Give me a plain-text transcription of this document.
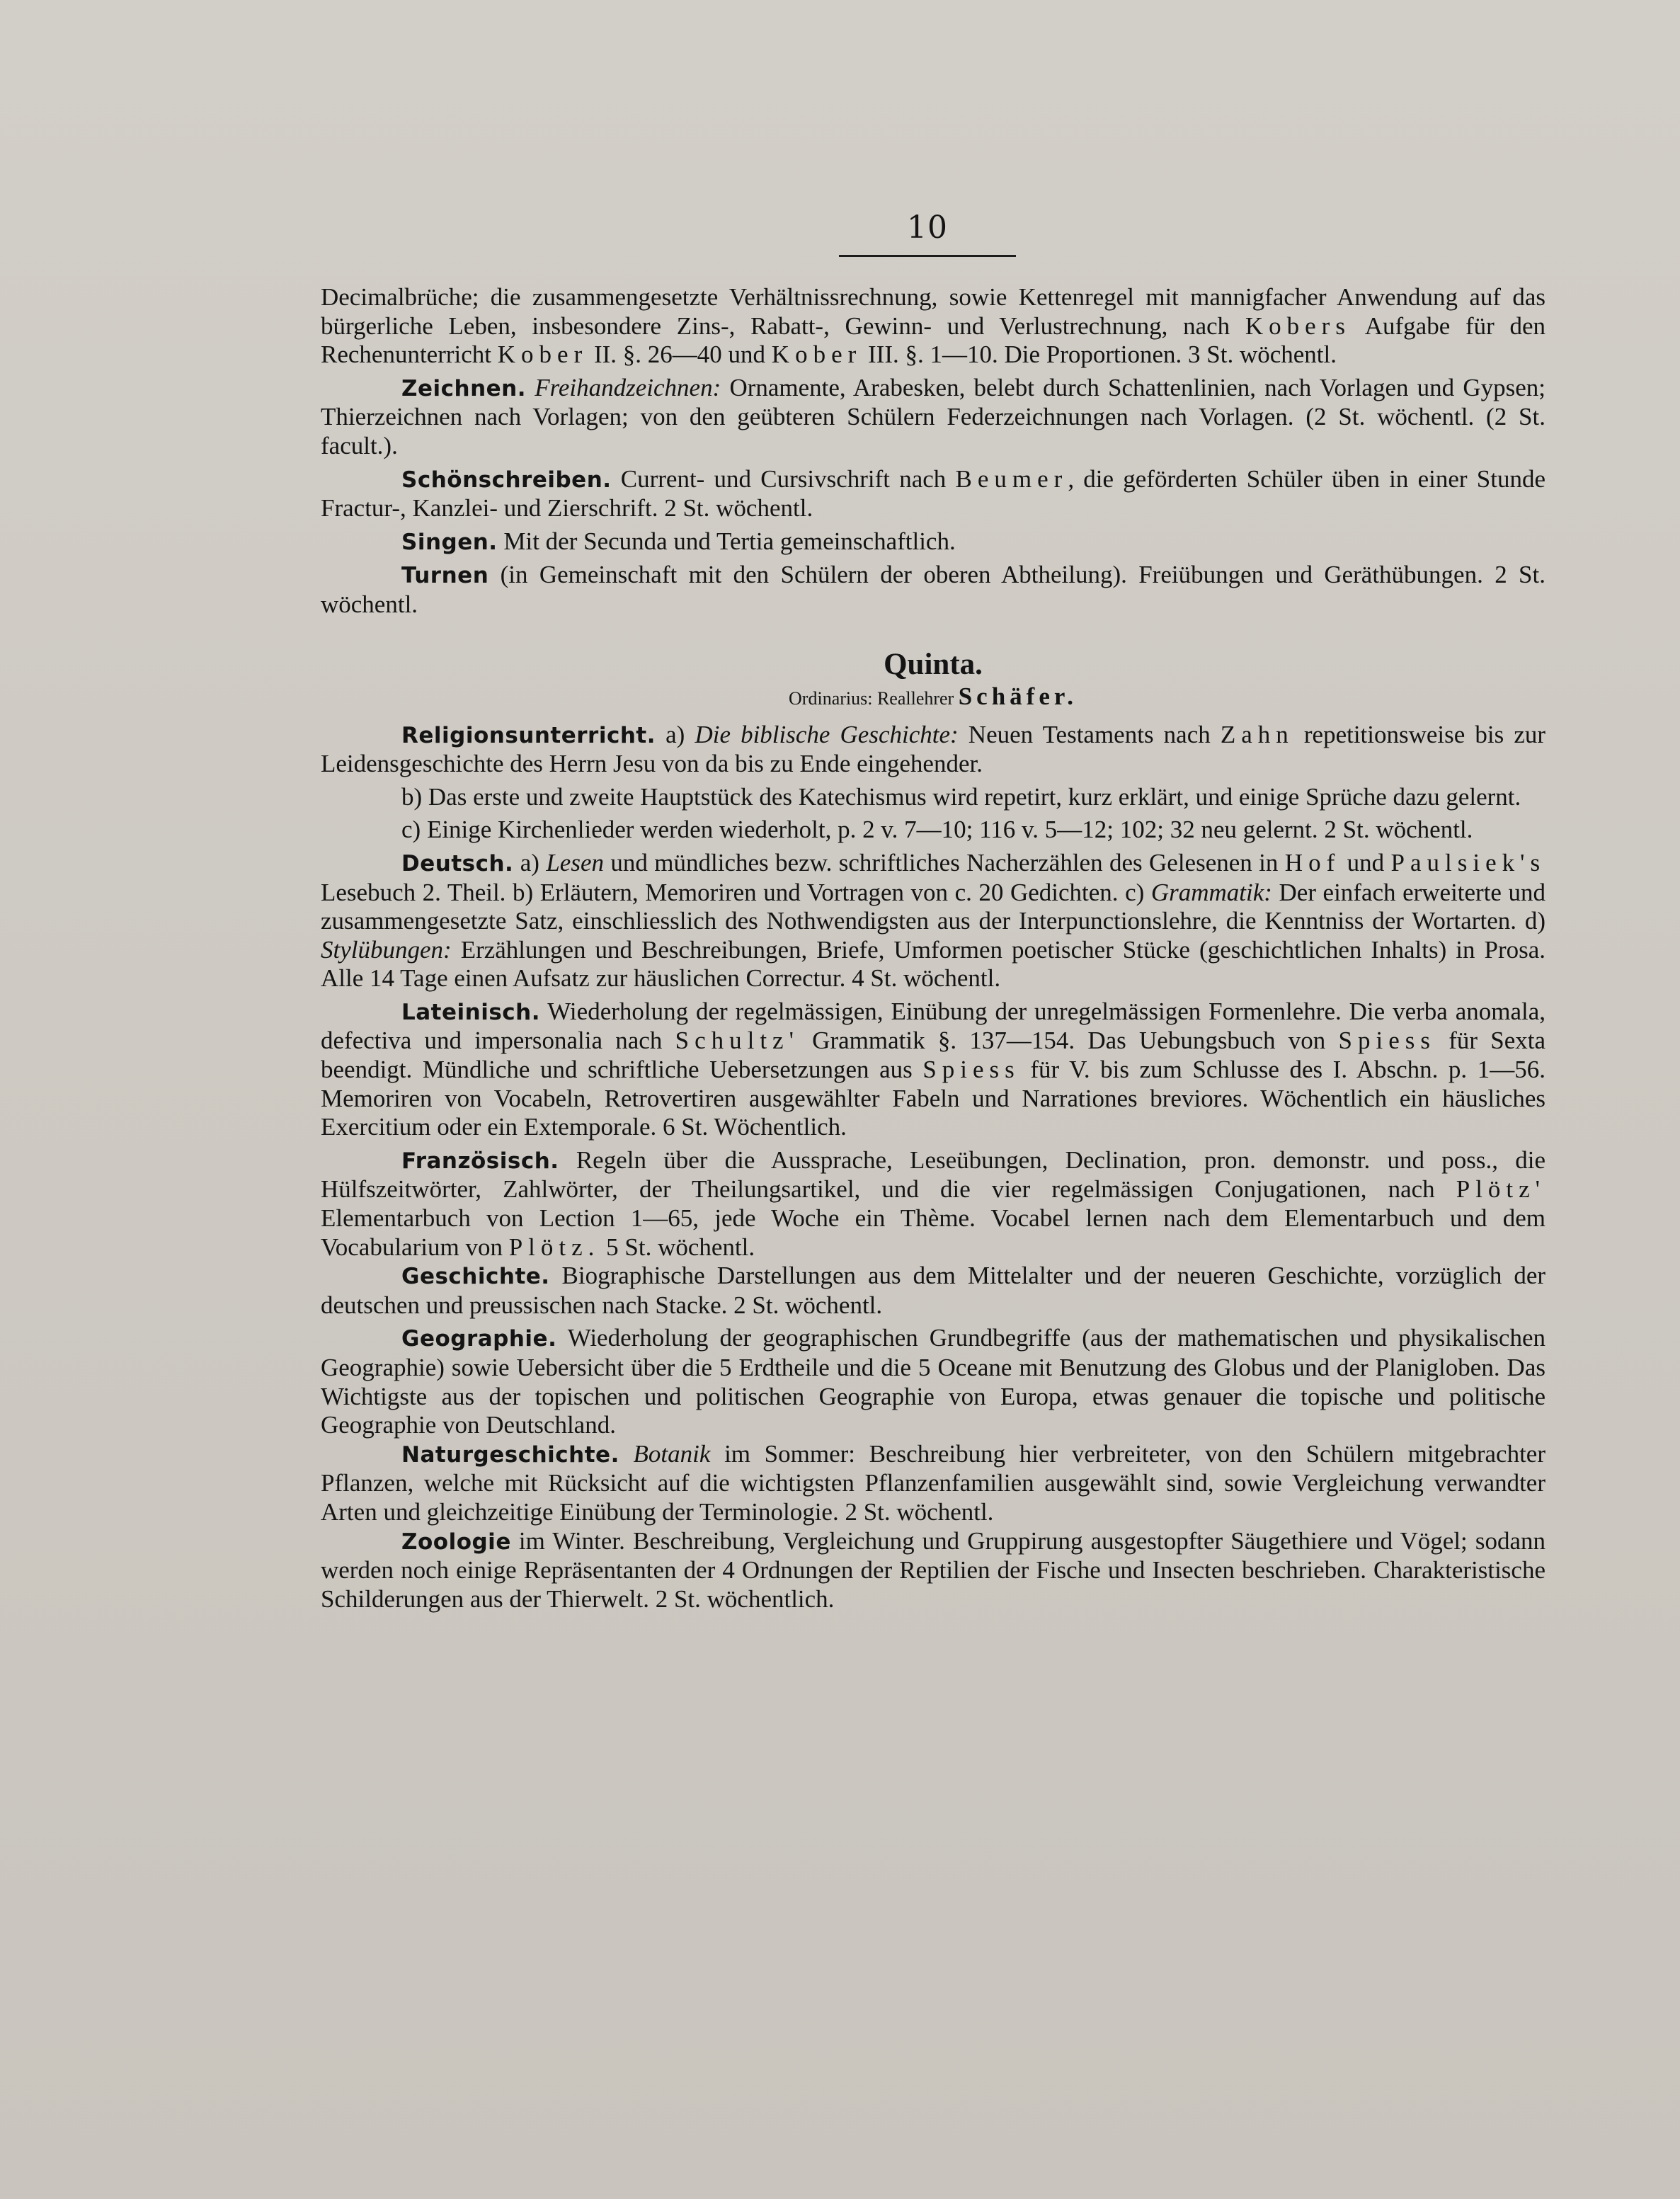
10

Decimalbrüche; die zusammengesetzte Verhältnissrechnung, sowie Kettenregel mit mannigfacher Anwendung auf das bürgerliche Leben, insbesondere Zins-, Rabatt-, Gewinn- und Verlustrechnung, nach Kobers Aufgabe für den Rechenunterricht Kober II. §. 26—40 und Kober III. §. 1—10. Die Proportionen. 3 St. wöchentl.

Zeichnen. Freihandzeichnen: Ornamente, Arabesken, belebt durch Schattenlinien, nach Vorlagen und Gypsen; Thierzeichnen nach Vorlagen; von den geübteren Schülern Federzeichnungen nach Vorlagen. (2 St. wöchentl. (2 St. facult.).

Schönschreiben. Current- und Cursivschrift nach Beumer, die geförderten Schüler üben in einer Stunde Fractur-, Kanzlei- und Zierschrift. 2 St. wöchentl.

Singen. Mit der Secunda und Tertia gemeinschaftlich.

Turnen (in Gemeinschaft mit den Schülern der oberen Abtheilung). Freiübungen und Geräthübungen. 2 St. wöchentl.

Quinta.
Ordinarius: Reallehrer Schäfer.

Religionsunterricht. a) Die biblische Geschichte: Neuen Testaments nach Zahn repetitionsweise bis zur Leidensgeschichte des Herrn Jesu von da bis zu Ende eingehender.

b) Das erste und zweite Hauptstück des Katechismus wird repetirt, kurz erklärt, und einige Sprüche dazu gelernt.

c) Einige Kirchenlieder werden wiederholt, p. 2 v. 7—10; 116 v. 5—12; 102; 32 neu gelernt. 2 St. wöchentl.

Deutsch. a) Lesen und mündliches bezw. schriftliches Nacherzählen des Gelesenen in Hof und Paulsiek's Lesebuch 2. Theil. b) Erläutern, Memoriren und Vortragen von c. 20 Gedichten. c) Grammatik: Der einfach erweiterte und zusammengesetzte Satz, einschliesslich des Nothwendigsten aus der Interpunctionslehre, die Kenntniss der Wortarten. d) Stylübungen: Erzählungen und Beschreibungen, Briefe, Umformen poetischer Stücke (geschichtlichen Inhalts) in Prosa. Alle 14 Tage einen Aufsatz zur häuslichen Correctur. 4 St. wöchentl.

Lateinisch. Wiederholung der regelmässigen, Einübung der unregelmässigen Formenlehre. Die verba anomala, defectiva und impersonalia nach Schultz' Grammatik §. 137—154. Das Uebungsbuch von Spiess für Sexta beendigt. Mündliche und schriftliche Uebersetzungen aus Spiess für V. bis zum Schlusse des I. Abschn. p. 1—56. Memoriren von Vocabeln, Retrovertiren ausgewählter Fabeln und Narrationes breviores. Wöchentlich ein häusliches Exercitium oder ein Extemporale. 6 St. Wöchentlich.

Französisch. Regeln über die Aussprache, Leseübungen, Declination, pron. demonstr. und poss., die Hülfszeitwörter, Zahlwörter, der Theilungsartikel, und die vier regelmässigen Conjugationen, nach Plötz' Elementarbuch von Lection 1—65, jede Woche ein Thème. Vocabel lernen nach dem Elementarbuch und dem Vocabularium von Plötz. 5 St. wöchentl.

Geschichte. Biographische Darstellungen aus dem Mittelalter und der neueren Geschichte, vorzüglich der deutschen und preussischen nach Stacke. 2 St. wöchentl.

Geographie. Wiederholung der geographischen Grundbegriffe (aus der mathematischen und physikalischen Geographie) sowie Uebersicht über die 5 Erdtheile und die 5 Oceane mit Benutzung des Globus und der Planigloben. Das Wichtigste aus der topischen und politischen Geographie von Europa, etwas genauer die topische und politische Geographie von Deutschland.

Naturgeschichte. Botanik im Sommer: Beschreibung hier verbreiteter, von den Schülern mitgebrachter Pflanzen, welche mit Rücksicht auf die wichtigsten Pflanzenfamilien ausgewählt sind, sowie Vergleichung verwandter Arten und gleichzeitige Einübung der Terminologie. 2 St. wöchentl.

Zoologie im Winter. Beschreibung, Vergleichung und Gruppirung ausgestopfter Säugethiere und Vögel; sodann werden noch einige Repräsentanten der 4 Ordnungen der Reptilien der Fische und Insecten beschrieben. Charakteristische Schilderungen aus der Thierwelt. 2 St. wöchentlich.
